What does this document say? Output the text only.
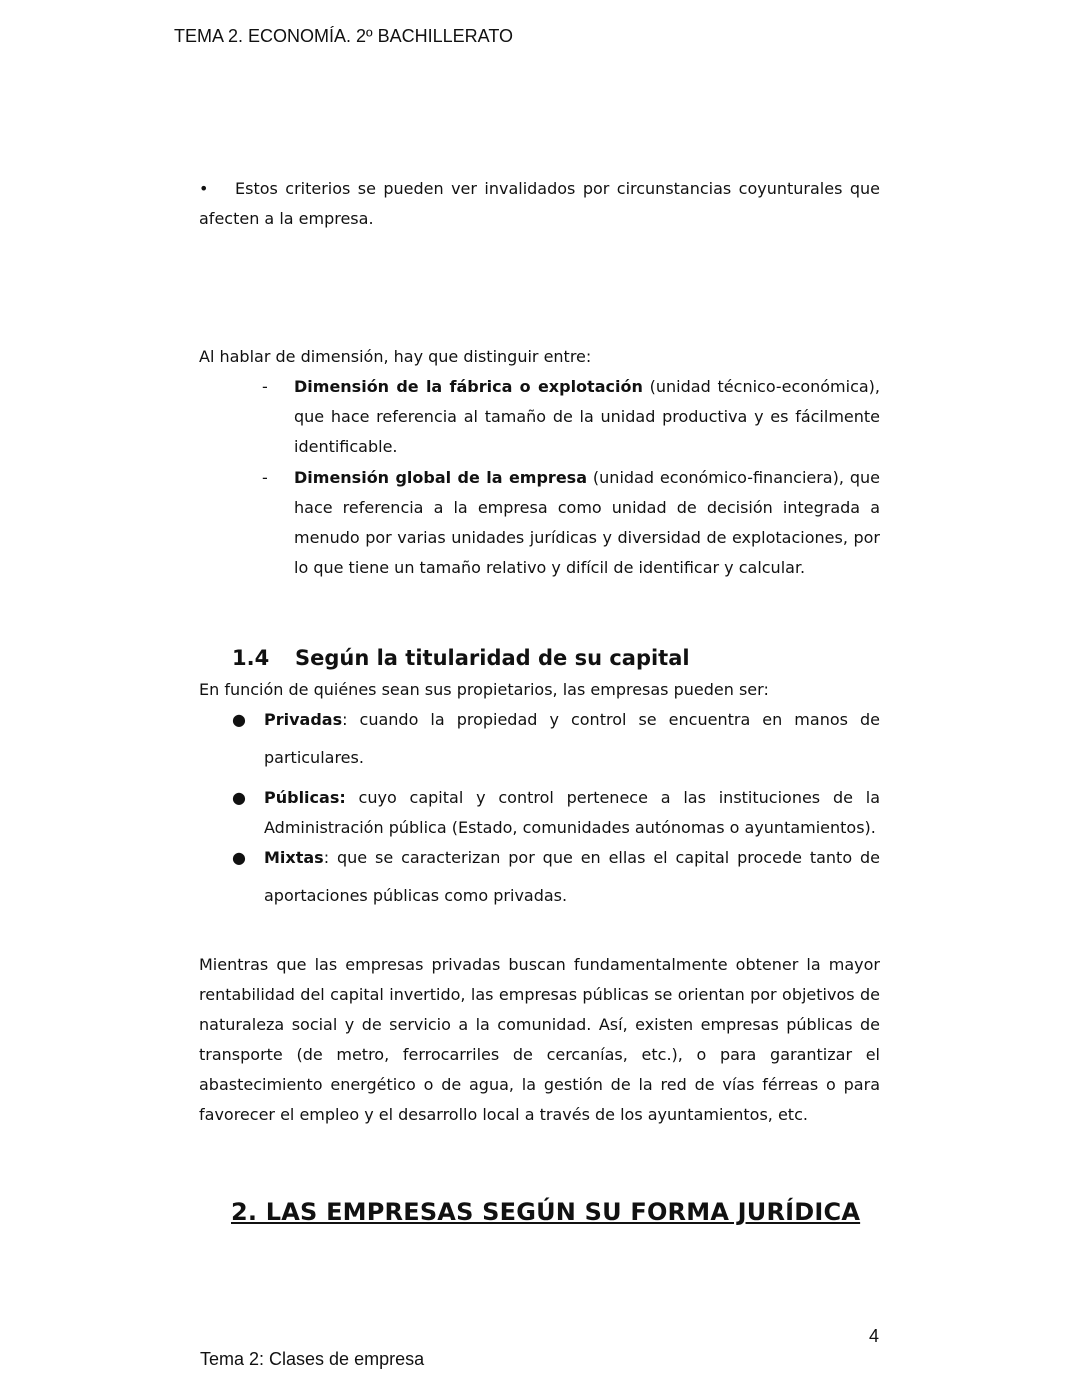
TEMA 2. ECONOMÍA. 2º BACHILLERATO
•	Estos criterios se pueden ver invalidados por circunstancias coyunturales que afecten a la empresa.
Al hablar de dimensión, hay que distinguir entre:
- Dimensión de la fábrica o explotación (unidad técnico-económica), que hace referencia al tamaño de la unidad productiva y es fácilmente identificable.
- Dimensión global de la empresa (unidad económico-financiera), que hace referencia a la empresa como unidad de decisión integrada a menudo por varias unidades jurídicas y diversidad de explotaciones, por lo que tiene un tamaño relativo y difícil de identificar y calcular.
1.4 Según la titularidad de su capital
En función de quiénes sean sus propietarios, las empresas pueden ser:
● Privadas: cuando la propiedad y control se encuentra en manos de particulares.
● Públicas: cuyo capital y control pertenece a las instituciones de la Administración pública (Estado, comunidades autónomas o ayuntamientos).
● Mixtas: que se caracterizan por que en ellas el capital procede tanto de aportaciones públicas como privadas.
Mientras que las empresas privadas buscan fundamentalmente obtener la mayor rentabilidad del capital invertido, las empresas públicas se orientan por objetivos de naturaleza social y de servicio a la comunidad. Así, existen empresas públicas de transporte (de metro, ferrocarriles de cercanías, etc.), o para garantizar el abastecimiento energético o de agua, la gestión de la red de vías férreas o para favorecer el empleo y el desarrollo local a través de los ayuntamientos, etc.
2. LAS EMPRESAS SEGÚN SU FORMA JURÍDICA
4
Tema 2: Clases de empresa
